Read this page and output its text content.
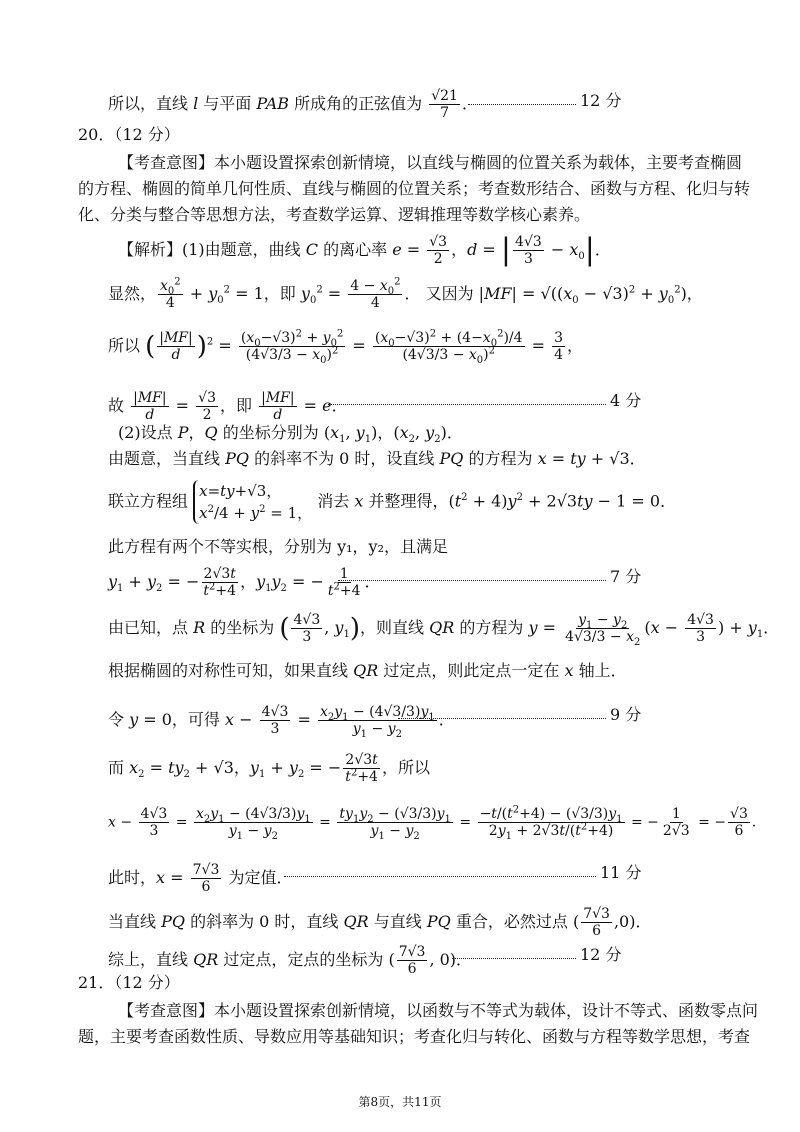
所以，直线 l 与平面 PAB 所成角的正弦值为 $\frac{√21}{7}$ ．	12 分
20．（12 分）
【考查意图】本小题设置探索创新情境，以直线与椭圆的位置关系为载体，主要考查椭圆
的方程、椭圆的简单几何性质、直线与椭圆的位置关系；考查数形结合、函数与方程、化归与转
化、分类与整合等思想方法，考查数学运算、逻辑推理等数学核心素养。
【解析】(1)由题意，曲线 C 的离心率 $e = \frac{√3}{2}$ ，d = | $\frac{4√3}{3} - x_0|$．
显然， $\frac{x_0^2}{4} + y_0^2 = 1$，即 $y_0^2 = \frac{4 - x_0^2}{4}$ ． 又因为 $|MF| = √((x_0 - √3)^2 + y_0^2)$，
所以 ( $\frac{|MF|}{d} )^2 = \frac{(x_0-√3)^2 + y_0^2}{(4√3/3 - x_0)^2} = \frac{(x_0-√3)^2 + (4-x_0^2)/4}{(4√3/3 - x_0)^2} = \frac{3}{4}$ ，
故 $\frac{|MF|}{d} = \frac{√3}{2}$ ，即 $\frac{|MF|}{d} = e$．	4 分
(2)设点 P，Q 的坐标分别为 ($x_1$, $y_1$)，($x_2$, $y_2$)．
由题意，当直线 PQ 的斜率不为 0 时，设直线 PQ 的方程为 x = ty + √3．
联立方程组 x=ty+√3，
$x^2/4 + y^2 = 1$， 消去 x 并整理得，$(t^2 + 4)y^2 + 2√3ty - 1 = 0$．
此方程有两个不等实根，分别为 y₁，y₂，且满足
$y_1 + y_2$ = − $\frac{2√3t}{t^2+4}$ ，$y_1y_2$ = − $\frac{1}{t^2+4}$ ．	7 分
由已知，点 R 的坐标为 ( $\frac{4√3}{3}$ , $y_1$)，则直线 QR 的方程为 $y = \frac{y_1 - y_2}{4√3/3 - x_2} (x - \frac{4√3}{3}$ ) + $y_1$．
根据椭圆的对称性可知，如果直线 QR 过定点，则此定点一定在 x 轴上．
令 y = 0，可得 $x - \frac{4√3}{3} = \frac{x_2y_1 - (4√3/3)y_1}{y_1 - y_2}$ ．	9 分
而 $x_2 = ty_2 + √3$，$y_1 + y_2$ = − $\frac{2√3t}{t^2+4}$ ，所以
$x - \frac{4√3}{3} = \frac{x_2y_1 - (4√3/3)y_1}{y_1 - y_2} = \frac{ty_1y_2 - (√3/3)y_1}{y_1 - y_2} = \frac{-t/(t^2+4) - (√3/3)y_1}{2y_1 + 2√3t/(t^2+4)}$ = − $\frac{1}{2√3}$ = − $\frac{√3}{6}$ ．
此时，$x = \frac{7√3}{6}$ 为定值．	11 分
当直线 PQ 的斜率为 0 时，直线 QR 与直线 PQ 重合，必然过点 ( $\frac{7√3}{6} ,0$)．
综上，直线 QR 过定点，定点的坐标为 ( $\frac{7√3}{6}$ , 0)．	12 分
21．（12 分）
【考查意图】本小题设置探索创新情境，以函数与不等式为载体，设计不等式、函数零点问
题，主要考查函数性质、导数应用等基础知识；考查化归与转化、函数与方程等数学思想，考查
第8页，共11页
